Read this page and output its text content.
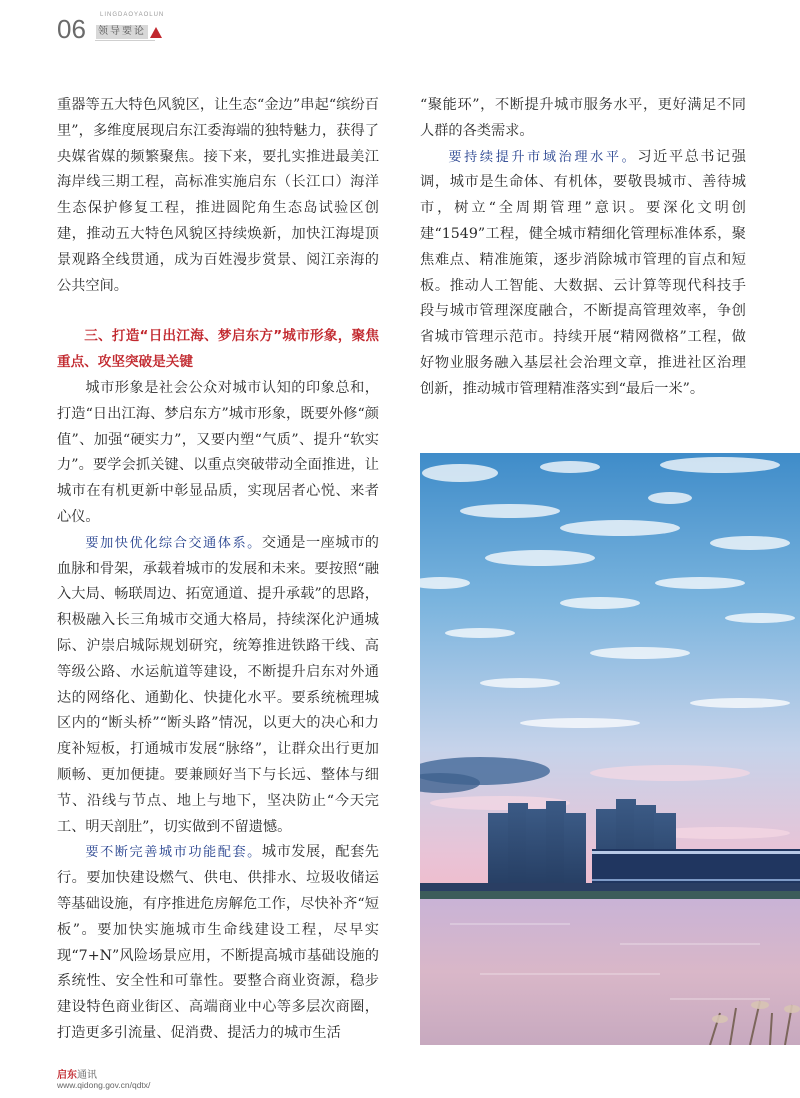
06 LINGDAOYAOLUN
领导要论

重器等五大特色风貌区，让生态“金边”串起“缤纷百里”，多维度展现启东江委海端的独特魅力，获得了央媒省媒的频繁聚焦。接下来，要扎实推进最美江海岸线三期工程，高标准实施启东（长江口）海洋生态保护修复工程，推进圆陀角生态岛试验区创建，推动五大特色风貌区持续焕新，加快江海堤顶景观路全线贯通，成为百姓漫步赏景、阅江亲海的公共空间。

三、打造“日出江海、梦启东方”城市形象，聚焦重点、攻坚突破是关键

城市形象是社会公众对城市认知的印象总和，打造“日出江海、梦启东方”城市形象，既要外修“颜值”、加强“硬实力”，又要内塑“气质”、提升“软实力”。要学会抓关键、以重点突破带动全面推进，让城市在有机更新中彰显品质，实现居者心悦、来者心仪。

要加快优化综合交通体系。交通是一座城市的血脉和骨架，承载着城市的发展和未来。要按照“融入大局、畅联周边、拓宽通道、提升承载”的思路，积极融入长三角城市交通大格局，持续深化沪通城际、沪崇启城际规划研究，统筹推进铁路干线、高等级公路、水运航道等建设，不断提升启东对外通达的网络化、通勤化、快捷化水平。要系统梳理城区内的“断头桥”“断头路”情况，以更大的决心和力度补短板，打通城市发展“脉络”，让群众出行更加顺畅、更加便捷。要兼顾好当下与长远、整体与细节、沿线与节点、地上与地下，坚决防止“今天完工、明天剖肚”，切实做到不留遗憾。

要不断完善城市功能配套。城市发展，配套先行。要加快建设燃气、供电、供排水、垃圾收储运等基础设施，有序推进危房解危工作，尽快补齐“短板”。要加快实施城市生命线建设工程，尽早实现“7+N”风险场景应用，不断提高城市基础设施的系统性、安全性和可靠性。要整合商业资源，稳步建设特色商业街区、高端商业中心等多层次商圈，打造更多引流量、促消费、提活力的城市生活

“聚能环”，不断提升城市服务水平，更好满足不同人群的各类需求。

要持续提升市域治理水平。习近平总书记强调，城市是生命体、有机体，要敬畏城市、善待城市，树立“全周期管理”意识。要深化文明创建“1549”工程，健全城市精细化管理标准体系，聚焦难点、精准施策，逐步消除城市管理的盲点和短板。推动人工智能、大数据、云计算等现代科技手段与城市管理深度融合，不断提高管理效率，争创省城市管理示范市。持续开展“精网微格”工程，做好物业服务融入基层社会治理文章，推进社区治理创新，推动城市管理精准落实到“最后一米”。

启东通讯
www.qidong.gov.cn/qdtx/
